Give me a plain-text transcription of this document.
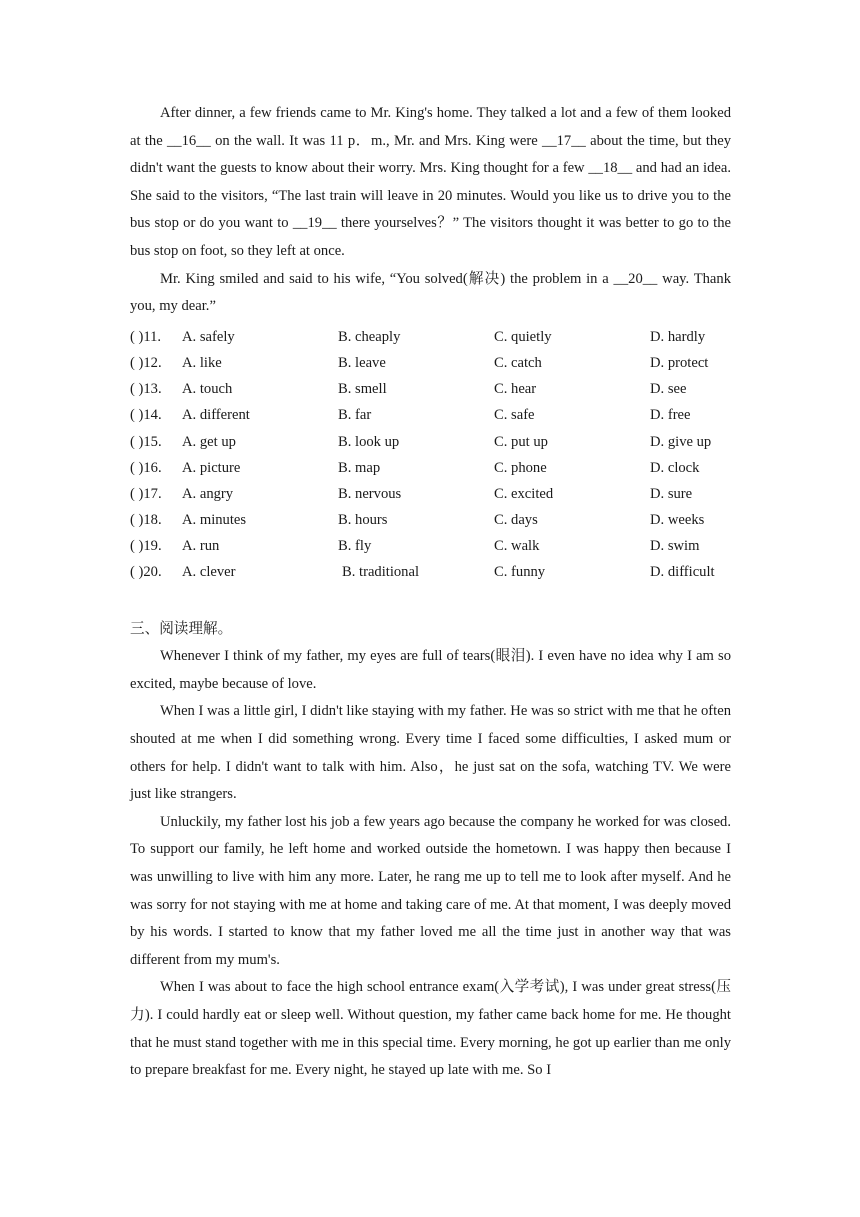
After dinner, a few friends came to Mr. King's home. They talked a lot and a few of them looked at the __16__ on the wall. It was 11 p．m., Mr. and Mrs. King were __17__ about the time, but they didn't want the guests to know about their worry. Mrs. King thought for a few __18__ and had an idea. She said to the visitors, “The last train will leave in 20 minutes. Would you like us to drive you to the bus stop or do you want to __19__ there yourselves？” The visitors thought it was better to go to the bus stop on foot, so they left at once.

Mr. King smiled and said to his wife, “You solved(解决) the problem in a __20__ way. Thank you, my dear.”

( )11. A. safely	B. cheaply	C. quietly	D. hardly
( )12. A. like	B. leave	C. catch	D. protect
( )13. A. touch	B. smell	C. hear	D. see
( )14. A. different	B. far	C. safe	D. free
( )15. A. get up	B. look up	C. put up	D. give up
( )16. A. picture	B. map	C. phone	D. clock
( )17. A. angry	B. nervous	C. excited	D. sure
( )18. A. minutes	B. hours	C. days	D. weeks
( )19. A. run	B. fly	C. walk	D. swim
( )20. A. clever	B. traditional	C. funny	D. difficult
三、阅读理解。

Whenever I think of my father, my eyes are full of tears(眼泪). I even have no idea why I am so excited, maybe because of love.

When I was a little girl, I didn't like staying with my father. He was so strict with me that he often shouted at me when I did something wrong. Every time I faced some difficulties, I asked mum or others for help. I didn't want to talk with him. Also，he just sat on the sofa, watching TV. We were just like strangers.

Unluckily, my father lost his job a few years ago because the company he worked for was closed. To support our family, he left home and worked outside the hometown. I was happy then because I was unwilling to live with him any more. Later, he rang me up to tell me to look after myself. And he was sorry for not staying with me at home and taking care of me. At that moment, I was deeply moved by his words. I started to know that my father loved me all the time just in another way that was different from my mum's.

When I was about to face the high school entrance exam(入学考试), I was under great stress(压力). I could hardly eat or sleep well. Without question, my father came back home for me. He thought that he must stand together with me in this special time. Every morning, he got up earlier than me only to prepare breakfast for me. Every night, he stayed up late with me. So I
